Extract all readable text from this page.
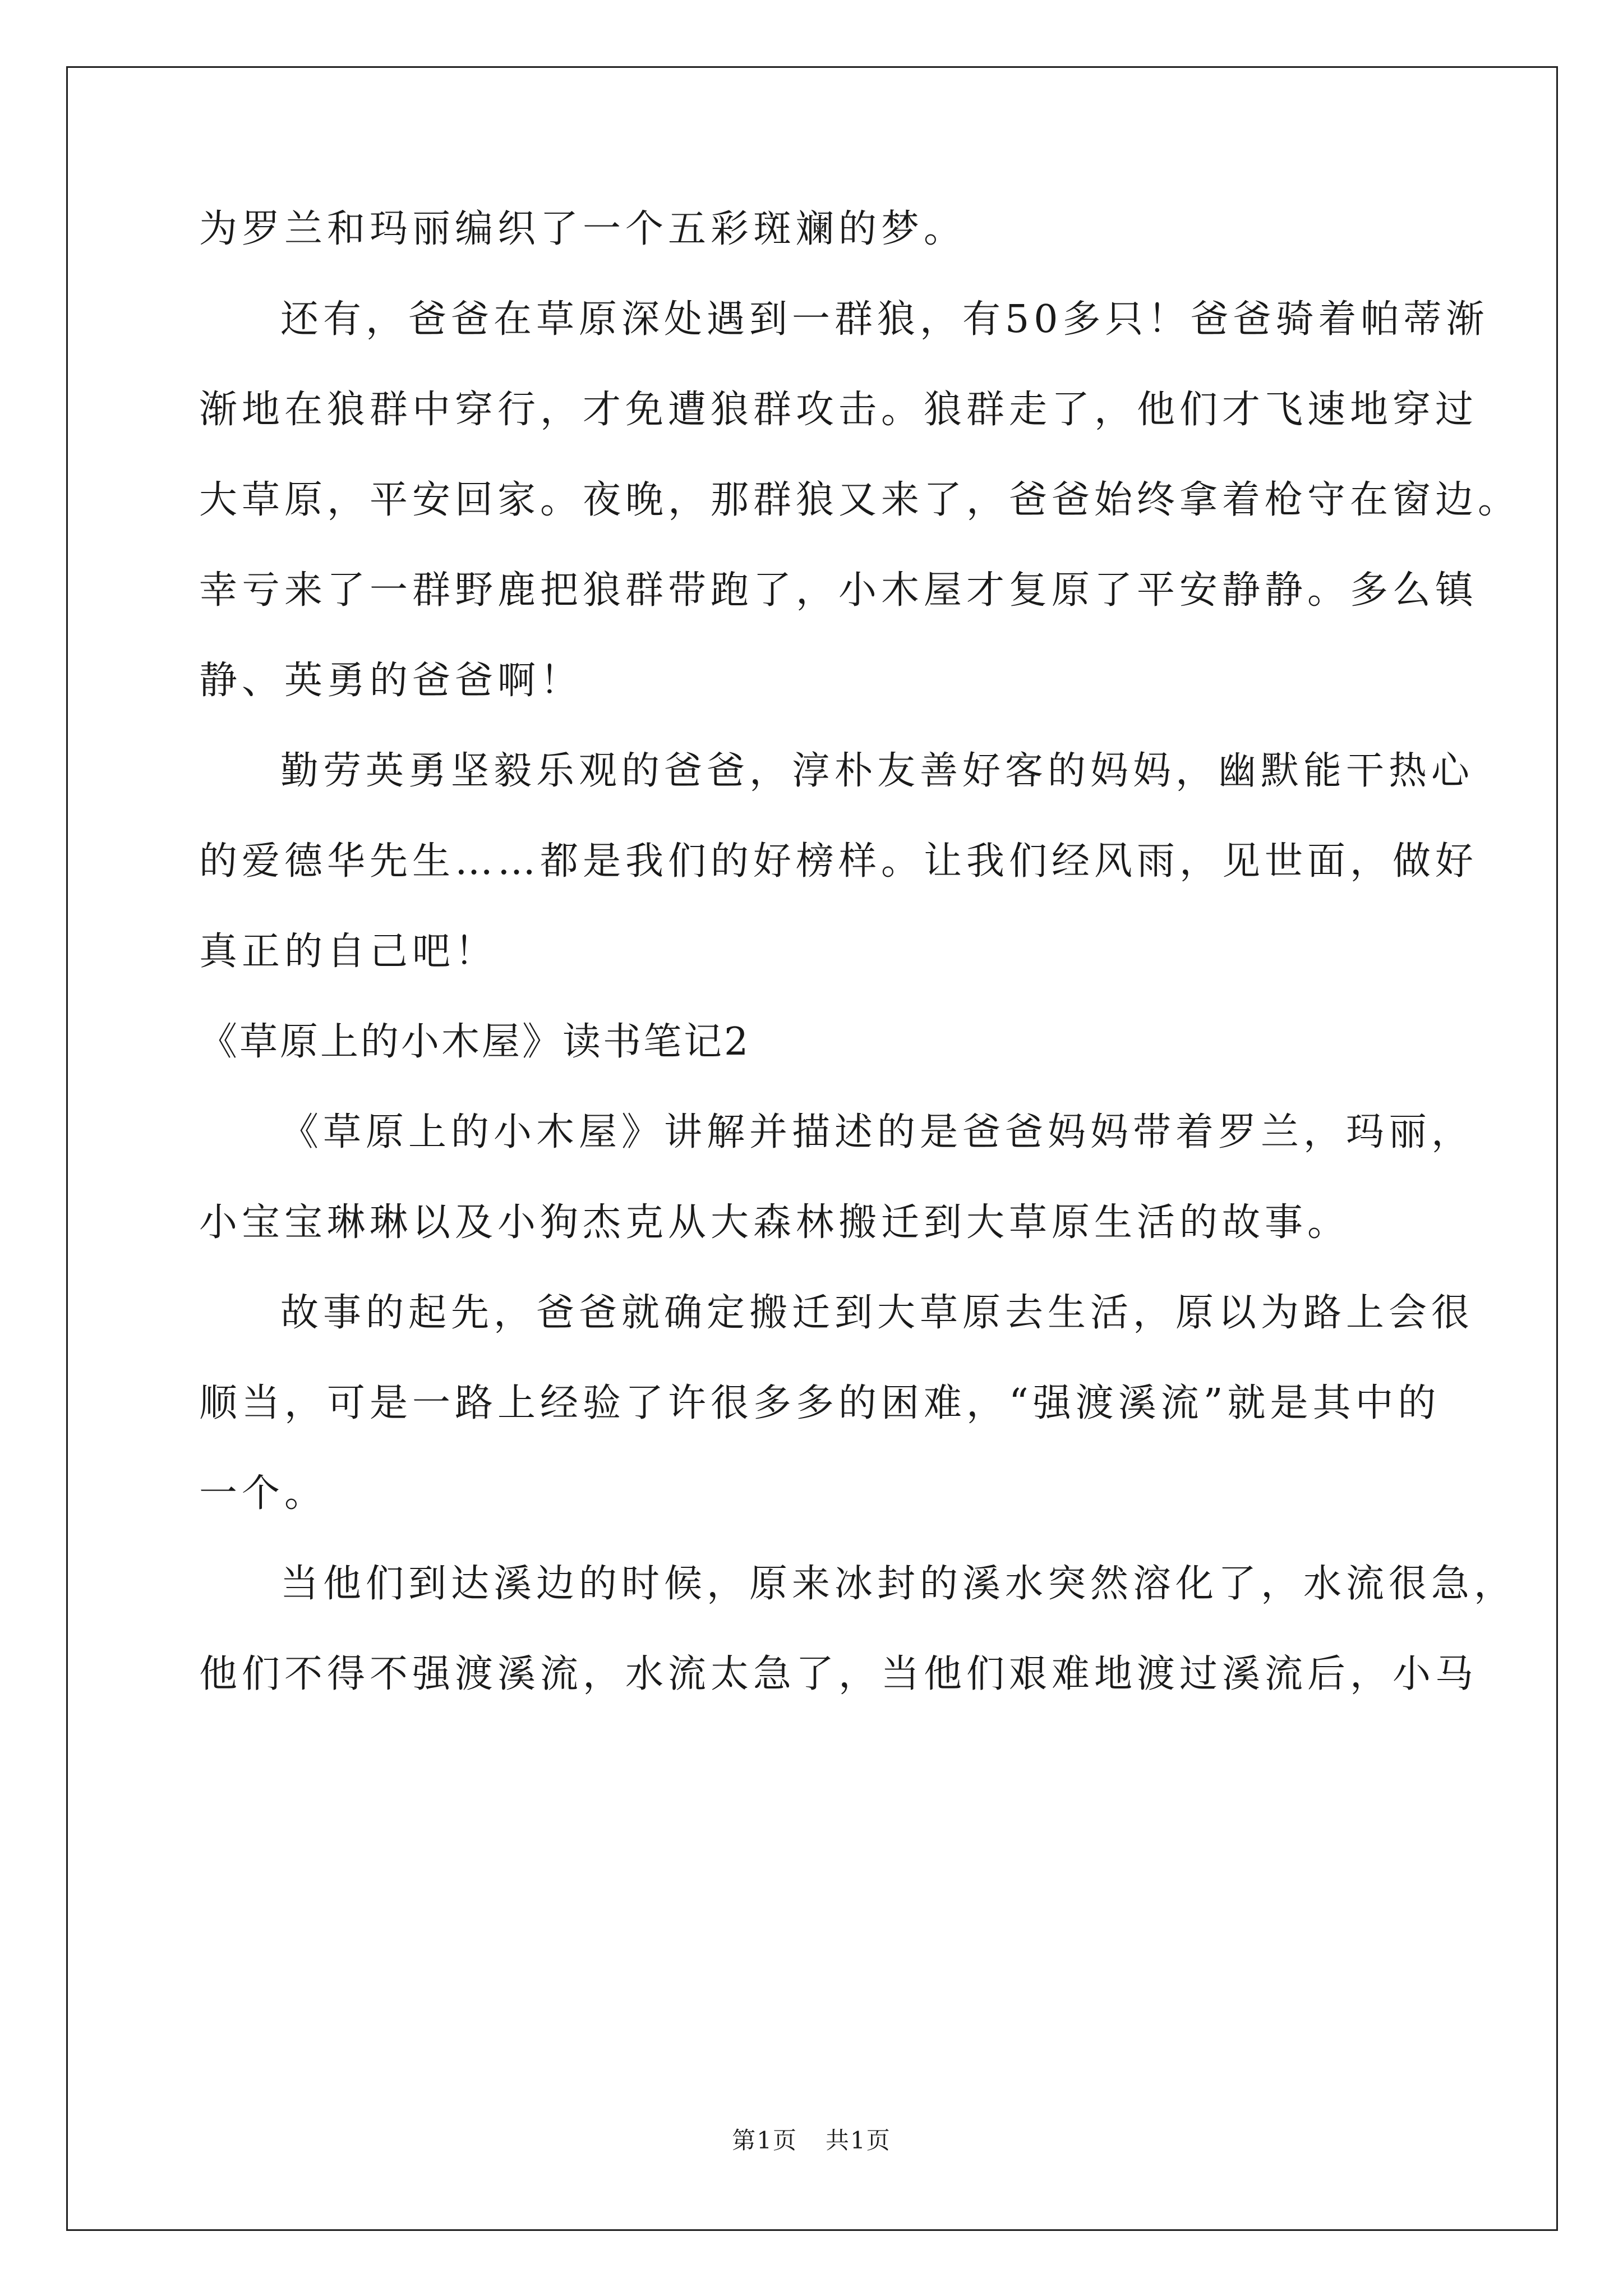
为罗兰和玛丽编织了一个五彩斑斓的梦。
还有，爸爸在草原深处遇到一群狼，有50多只！爸爸骑着帕蒂渐
渐地在狼群中穿行，才免遭狼群攻击。狼群走了，他们才飞速地穿过
大草原，平安回家。夜晚，那群狼又来了，爸爸始终拿着枪守在窗边。
幸亏来了一群野鹿把狼群带跑了，小木屋才复原了平安静静。多么镇
静、英勇的爸爸啊！
勤劳英勇坚毅乐观的爸爸，淳朴友善好客的妈妈，幽默能干热心
的爱德华先生……都是我们的好榜样。让我们经风雨，见世面，做好
真正的自己吧！
《草原上的小木屋》读书笔记2
《草原上的小木屋》讲解并描述的是爸爸妈妈带着罗兰，玛丽，
小宝宝琳琳以及小狗杰克从大森林搬迁到大草原生活的故事。
故事的起先，爸爸就确定搬迁到大草原去生活，原以为路上会很
顺当，可是一路上经验了许很多多的困难，“强渡溪流”就是其中的
一个。
当他们到达溪边的时候，原来冰封的溪水突然溶化了，水流很急，
他们不得不强渡溪流，水流太急了，当他们艰难地渡过溪流后，小马
第1页 共1页
